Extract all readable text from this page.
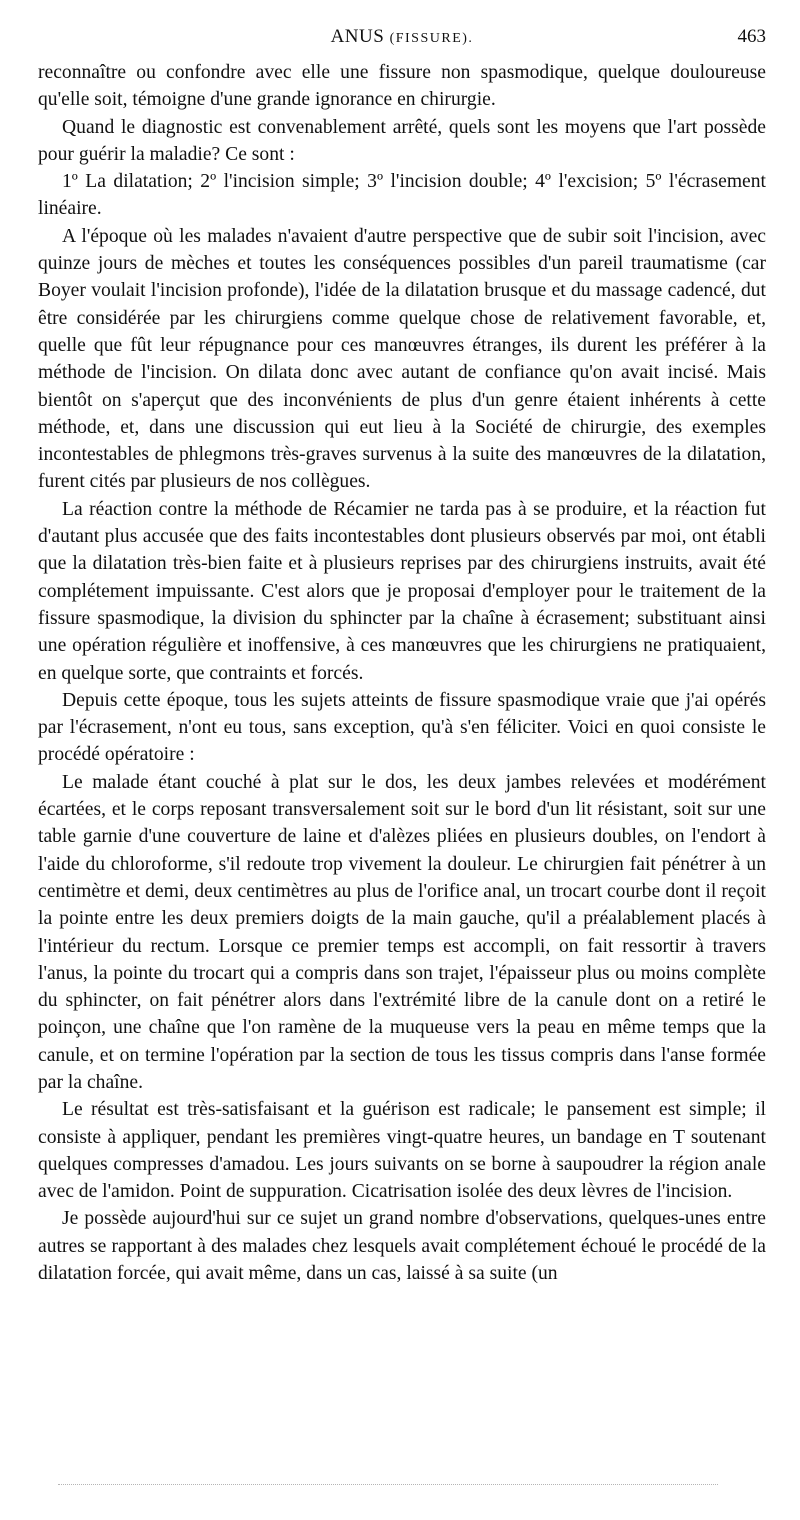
ANUS (FISSURE).	463

reconnaître ou confondre avec elle une fissure non spasmodique, quelque douloureuse qu'elle soit, témoigne d'une grande ignorance en chirurgie.

Quand le diagnostic est convenablement arrêté, quels sont les moyens que l'art possède pour guérir la maladie? Ce sont :

1º La dilatation; 2º l'incision simple; 3º l'incision double; 4º l'excision; 5º l'écrasement linéaire.

A l'époque où les malades n'avaient d'autre perspective que de subir soit l'incision, avec quinze jours de mèches et toutes les conséquences possibles d'un pareil traumatisme (car Boyer voulait l'incision profonde), l'idée de la dilatation brusque et du massage cadencé, dut être considérée par les chirurgiens comme quelque chose de relativement favorable, et, quelle que fût leur répugnance pour ces manœuvres étranges, ils durent les préférer à la méthode de l'incision. On dilata donc avec autant de confiance qu'on avait incisé. Mais bientôt on s'aperçut que des inconvénients de plus d'un genre étaient inhérents à cette méthode, et, dans une discussion qui eut lieu à la Société de chirurgie, des exemples incontestables de phlegmons très-graves survenus à la suite des manœuvres de la dilatation, furent cités par plusieurs de nos collègues.

La réaction contre la méthode de Récamier ne tarda pas à se produire, et la réaction fut d'autant plus accusée que des faits incontestables dont plusieurs observés par moi, ont établi que la dilatation très-bien faite et à plusieurs reprises par des chirurgiens instruits, avait été complétement impuissante. C'est alors que je proposai d'employer pour le traitement de la fissure spasmodique, la division du sphincter par la chaîne à écrasement; substituant ainsi une opération régulière et inoffensive, à ces manœuvres que les chirurgiens ne pratiquaient, en quelque sorte, que contraints et forcés.

Depuis cette époque, tous les sujets atteints de fissure spasmodique vraie que j'ai opérés par l'écrasement, n'ont eu tous, sans exception, qu'à s'en féliciter. Voici en quoi consiste le procédé opératoire :

Le malade étant couché à plat sur le dos, les deux jambes relevées et modérément écartées, et le corps reposant transversalement soit sur le bord d'un lit résistant, soit sur une table garnie d'une couverture de laine et d'alèzes pliées en plusieurs doubles, on l'endort à l'aide du chloroforme, s'il redoute trop vivement la douleur. Le chirurgien fait pénétrer à un centimètre et demi, deux centimètres au plus de l'orifice anal, un trocart courbe dont il reçoit la pointe entre les deux premiers doigts de la main gauche, qu'il a préalablement placés à l'intérieur du rectum. Lorsque ce premier temps est accompli, on fait ressortir à travers l'anus, la pointe du trocart qui a compris dans son trajet, l'épaisseur plus ou moins complète du sphincter, on fait pénétrer alors dans l'extrémité libre de la canule dont on a retiré le poinçon, une chaîne que l'on ramène de la muqueuse vers la peau en même temps que la canule, et on termine l'opération par la section de tous les tissus compris dans l'anse formée par la chaîne.

Le résultat est très-satisfaisant et la guérison est radicale; le pansement est simple; il consiste à appliquer, pendant les premières vingt-quatre heures, un bandage en T soutenant quelques compresses d'amadou. Les jours suivants on se borne à saupoudrer la région anale avec de l'amidon. Point de suppuration. Cicatrisation isolée des deux lèvres de l'incision.

Je possède aujourd'hui sur ce sujet un grand nombre d'observations, quelques-unes entre autres se rapportant à des malades chez lesquels avait complétement échoué le procédé de la dilatation forcée, qui avait même, dans un cas, laissé à sa suite (un
